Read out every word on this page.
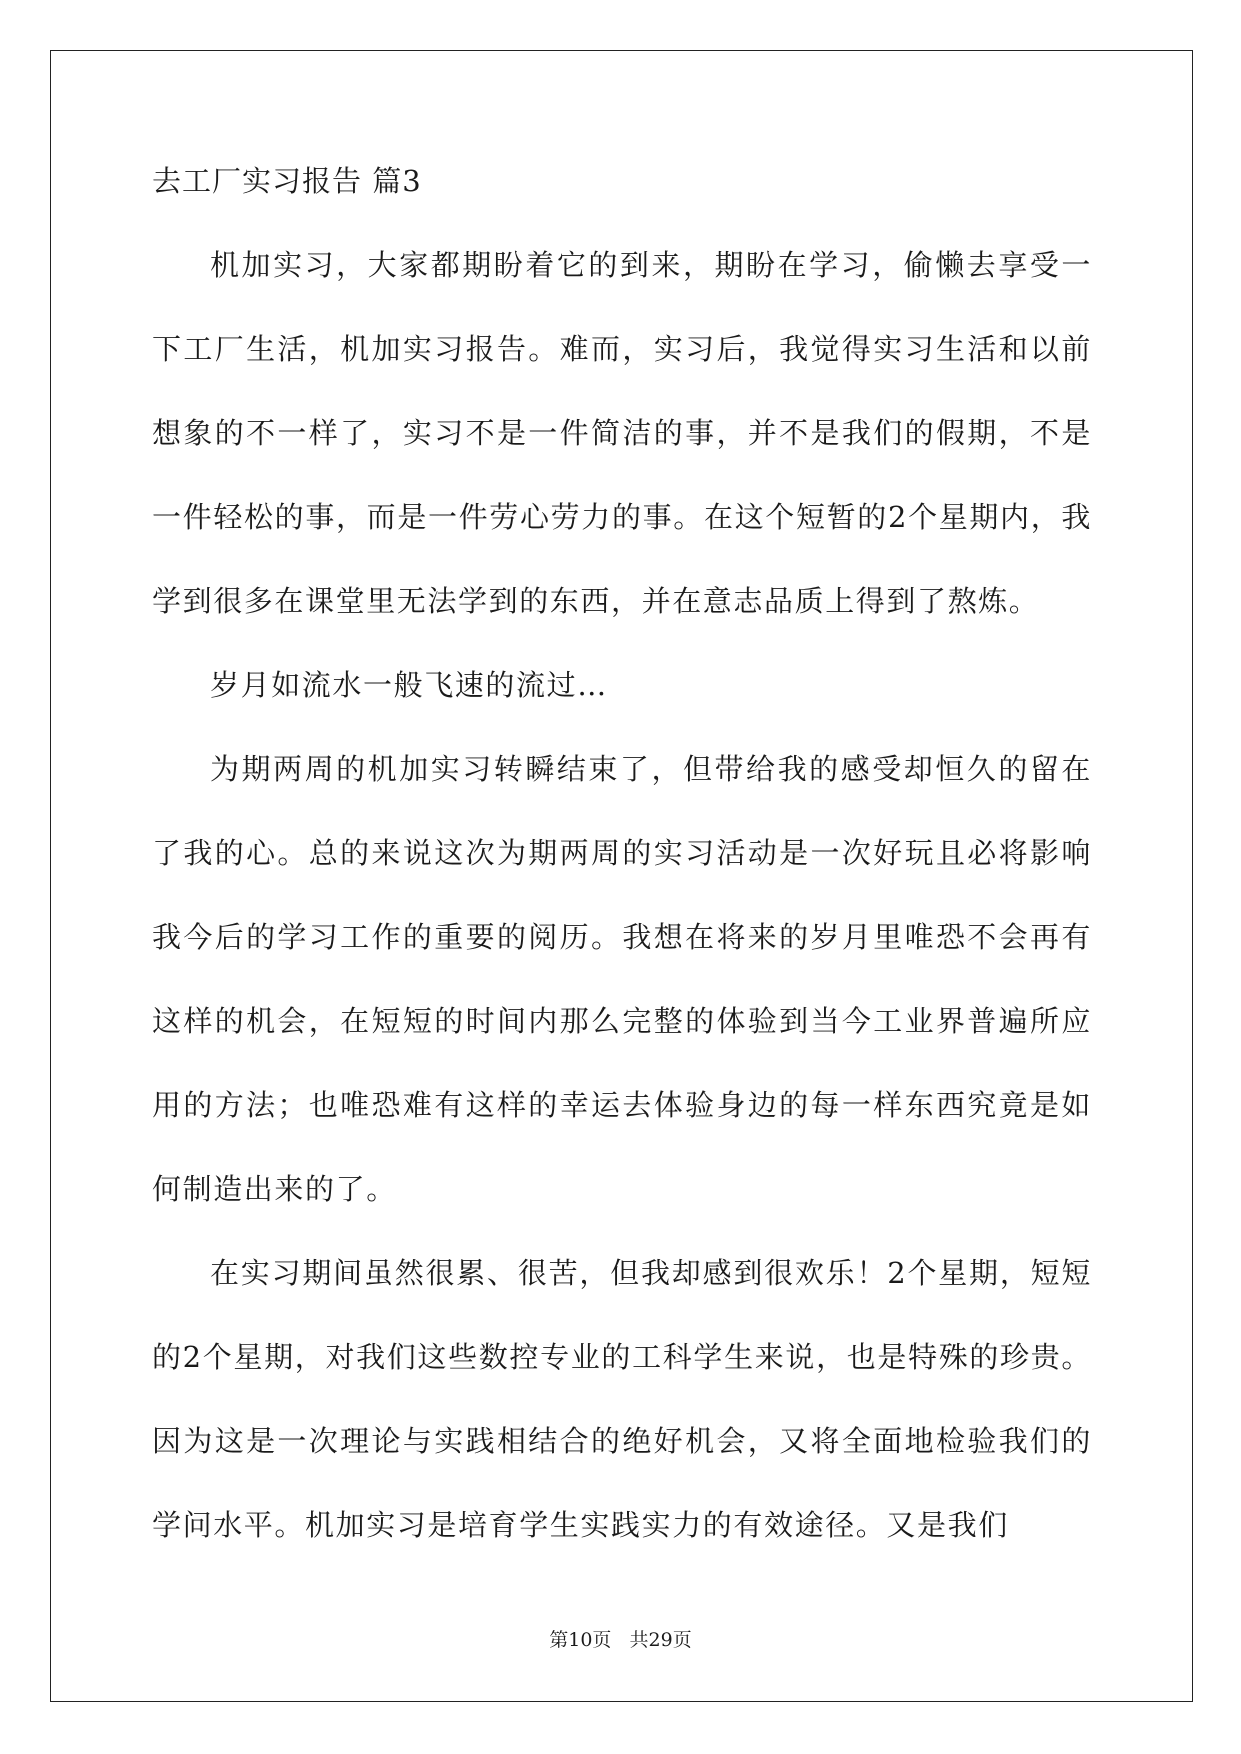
去工厂实习报告 篇3

机加实习，大家都期盼着它的到来，期盼在学习，偷懒去享受一下工厂生活，机加实习报告。难而，实习后，我觉得实习生活和以前想象的不一样了，实习不是一件简洁的事，并不是我们的假期，不是一件轻松的事，而是一件劳心劳力的事。在这个短暂的2个星期内，我学到很多在课堂里无法学到的东西，并在意志品质上得到了熬炼。

岁月如流水一般飞速的流过…

为期两周的机加实习转瞬结束了，但带给我的感受却恒久的留在了我的心。总的来说这次为期两周的实习活动是一次好玩且必将影响我今后的学习工作的重要的阅历。我想在将来的岁月里唯恐不会再有这样的机会，在短短的时间内那么完整的体验到当今工业界普遍所应用的方法；也唯恐难有这样的幸运去体验身边的每一样东西究竟是如何制造出来的了。

在实习期间虽然很累、很苦，但我却感到很欢乐！2个星期，短短的2个星期，对我们这些数控专业的工科学生来说，也是特殊的珍贵。因为这是一次理论与实践相结合的绝好机会，又将全面地检验我们的学问水平。机加实习是培育学生实践实力的有效途径。又是我们

第10页   共29页
